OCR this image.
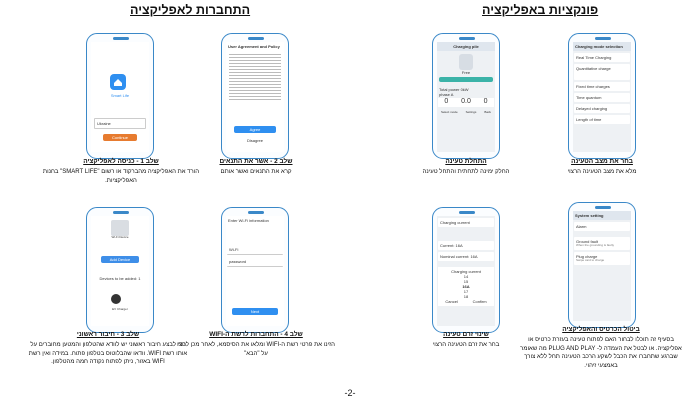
התחברות לאפליקציה	פונקציות באפליקציה
Smart Life
Ukraine
Continue
שלב 1 - כניסה לאפליקציה
הורד את האפליקציה מהברקוד או רשום "SMART LIFE" בחנות האפליקציות.
User Agreement and Policy
Agree
Disagree
שלב 2 - אשר את התנאים
קרא את התנאים ואשר אותם
Charging pile
Free
Total power 0kW
phase A
0 0.0 0
Select mode	Settings	Back
התחלת טעינה
החלק ימינה לתחתית והתחל טעינה
Charging mode selection
Real Time Charging
Quantitative charge
Fixed time charges
Time quantum
Delayed charging
Length of time
בחר את מצב הטעינה
מלא את מצב הטעינה הרצוי
Wi-Fi Device
Add Device
Devices to be added: 1
EV Charger
שלב 3 - חיבור ראשוני
כדי לבצע חיבור ראשוני יש לוודא שהטלפון והמטען מחוברים על אותו רשת WIFI. וודאו שהבלוטוס בטלפון פתוח. במידה ואין רשת WIFI באזור, ניתן לפתוח נקודה חמה מהטלפון.
Enter Wi-Fi information
Wi-Fi
password
Next
שלב 4 - התחברות לרשת ה-WIFI
הזינו את פרטי רשת ה-WIFI ומלאו את הסיסמא, לאחר מכן לחצו על "הבא"
Charging current
Current: 16A
Nominal current: 16A
Charging current
14
15
16A
17
18
Cancel	Confirm
שינוי זרם טעינה
בחר את זרם הטעינה הרצוי
System setting
Alarm
Ground fault
When the grounding is faulty
Plug charge
Swipe card to charge
ביטול הכרטיס והאפליקציה
בסעיף זה תוכלו לבחור האם לפתוח טעינה בעזרת כרטיס או אפליקציה. או לבטל את העמדה ל- PLUG AND PLAY מה שאומר שברגע שתחברו את הכבל לשקע הרכב הטעינה תחל ללא צורך באמצעי זיהוי.
-2-
